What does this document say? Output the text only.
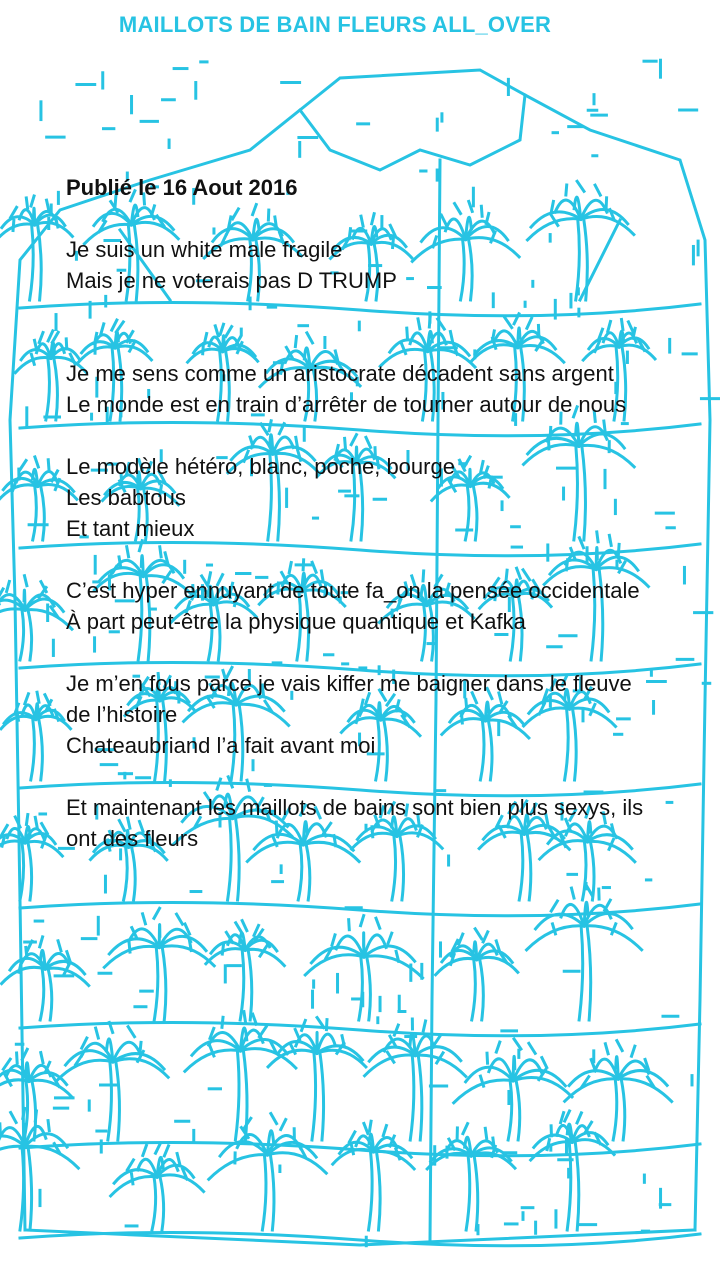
MAILLOTS DE BAIN FLEURS ALL_OVER
Publié le 16 Aout 2016
Je suis un white male fragile
Mais je ne voterais pas D TRUMP
Je me sens comme un aristocrate décadent sans argent
Le monde est en train d’arrêter de tourner autour de nous
Le modèle hétéro, blanc, poche, bourge
Les babtous
Et tant mieux
C’est hyper ennuyant de toute fa_on la pensée occidentale
À part peut-être la physique quantique et Kafka
Je m’en fous parce je vais kiffer me baigner dans le fleuve de l’histoire
Chateaubriand l’a fait avant moi
Et maintenant les maillots de bains sont bien plus sexys, ils ont des fleurs
